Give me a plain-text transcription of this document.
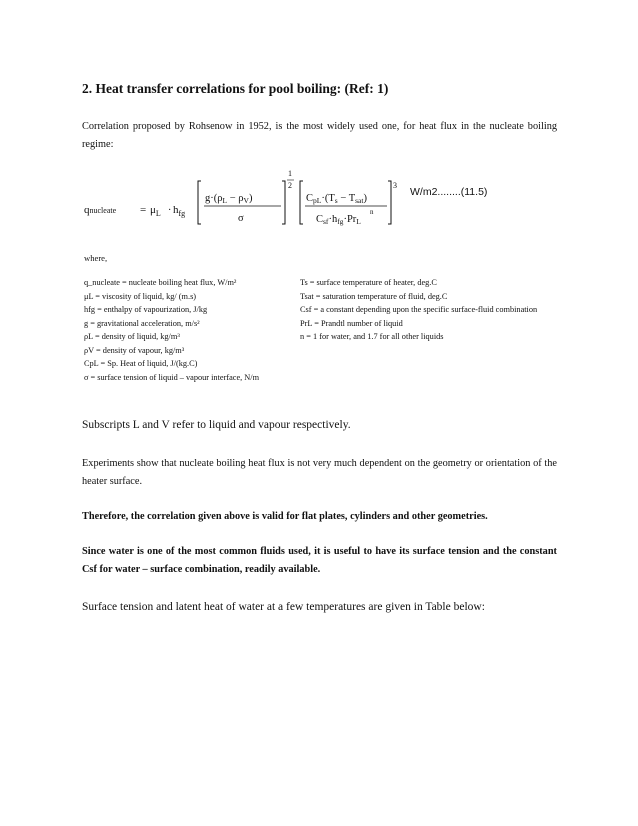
2. Heat transfer correlations for pool boiling: (Ref: 1)
Correlation proposed by Rohsenow in 1952, is the most widely used one, for heat flux in the nucleate boiling regime:
qnucleate = $\mu_L \cdot h_{fg}$
g·(ρL − ρV)
σ
1
2
CpL·(Ts − Tsat)
Csf·hfg·PrL
n
3
W/m2........(11.5)
where,
q_nucleate = nucleate boiling heat flux, W/m²
μL = viscosity of liquid, kg/ (m.s)
hfg = enthalpy of vapourization, J/kg
g = gravitational acceleration, m/s²
ρL = density of liquid, kg/m³
ρV = density of vapour, kg/m³
CpL = Sp. Heat of liquid, J/(kg.C)
σ = surface tension of liquid – vapour interface, N/m
Ts = surface temperature of heater, deg.C
Tsat = saturation temperature of fluid, deg.C
Csf = a constant depending upon the specific surface-fluid combination
PrL = Prandtl number of liquid
n = 1 for water, and 1.7 for all other liquids
Subscripts L and V refer to liquid and vapour respectively.
Experiments show that nucleate boiling heat flux is not very much dependent on the geometry or orientation of the heater surface.
Therefore, the correlation given above is valid for flat plates, cylinders and other geometries.
Since water is one of the most common fluids used, it is useful to have its surface tension and the constant Csf for water – surface combination, readily available.
Surface tension and latent heat of water at a few temperatures are given in Table below:
